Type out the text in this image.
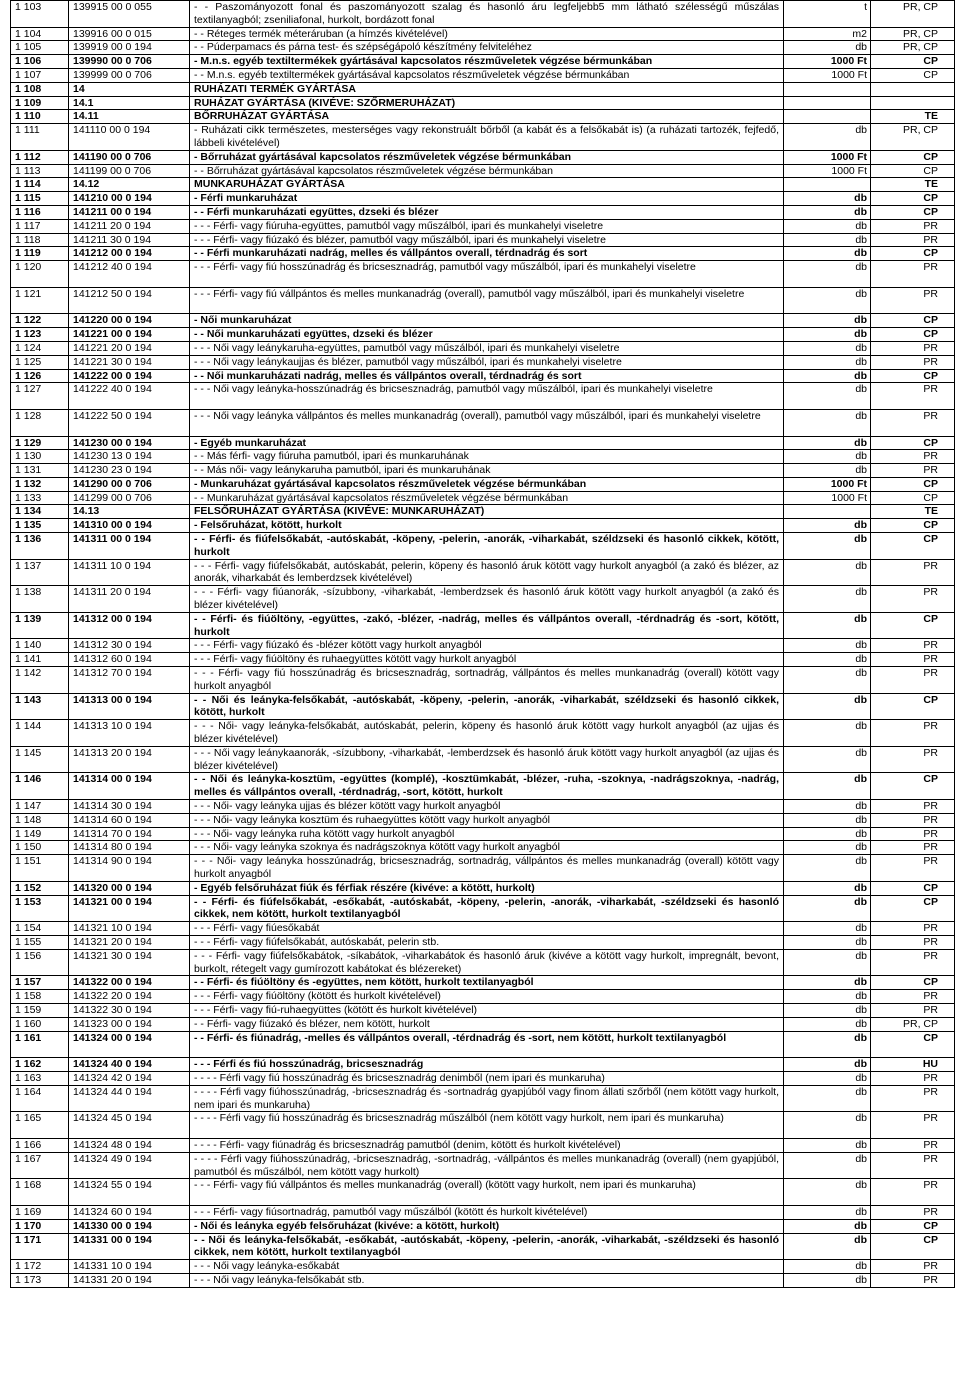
1 103	139915 00 0 055	- - Paszományozott fonal és paszományozott szalag és hasonló áru legfeljebb5 mm látható szélességű műszálas textilanyagból; zseniliafonal, hurkolt, bordázott fonal	t	PR, CP
1 104	139916 00 0 015	- - Réteges termék méteráruban (a hímzés kivételével)	m2	PR, CP
1 105	139919 00 0 194	- - Púderpamacs és párna test- és szépségápoló készítmény felviteléhez	db	PR, CP
1 106	139990 00 0 706	- M.n.s. egyéb textiltermékek gyártásával kapcsolatos részműveletek végzése bérmunkában	1000 Ft	CP
1 107	139999 00 0 706	- - M.n.s. egyéb textiltermékek gyártásával kapcsolatos részműveletek végzése bérmunkában	1000 Ft	CP
1 108	14	RUHÁZATI TERMÉK GYÁRTÁSA		
1 109	14.1	RUHÁZAT GYÁRTÁSA (KIVÉVE: SZŐRMERUHÁZAT)		
1 110	14.11	BŐRRUHÁZAT GYÁRTÁSA		TE
1 111	141110 00 0 194	- Ruházati cikk természetes, mesterséges vagy rekonstruált bőrből (a kabát és a felsőkabát is) (a ruházati tartozék, fejfedő, lábbeli kivételével)	db	PR, CP
1 112	141190 00 0 706	- Bőrruházat gyártásával kapcsolatos részműveletek végzése bérmunkában	1000 Ft	CP
1 113	141199 00 0 706	- - Bőrruházat gyártásával kapcsolatos részműveletek végzése bérmunkában	1000 Ft	CP
1 114	14.12	MUNKARUHÁZAT GYÁRTÁSA		TE
1 115	141210 00 0 194	- Férfi munkaruházat	db	CP
1 116	141211 00 0 194	- - Férfi munkaruházati együttes, dzseki és blézer	db	CP
1 117	141211 20 0 194	- - - Férfi- vagy fiúruha-együttes, pamutból vagy műszálból, ipari és munkahelyi viseletre	db	PR
1 118	141211 30 0 194	- - - Férfi- vagy fiúzakó és blézer, pamutból vagy műszálból, ipari és munkahelyi viseletre	db	PR
1 119	141212 00 0 194	- - Férfi munkaruházati nadrág, melles és vállpántos overall, térdnadrág és sort	db	CP
1 120	141212 40 0 194	- - - Férfi- vagy fiú hosszúnadrág és bricsesznadrág, pamutból vagy műszálból, ipari és munkahelyi viseletre	db	PR
1 121	141212 50 0 194	- - - Férfi- vagy fiú vállpántos és melles munkanadrág (overall), pamutból vagy műszálból, ipari és munkahelyi viseletre	db	PR
1 122	141220 00 0 194	- Női munkaruházat	db	CP
1 123	141221 00 0 194	- - Női munkaruházati együttes, dzseki és blézer	db	CP
1 124	141221 20 0 194	- - - Női vagy leánykaruha-együttes, pamutból vagy műszálból, ipari és munkahelyi viseletre	db	PR
1 125	141221 30 0 194	- - - Női vagy leánykaujjas és blézer, pamutból vagy műszálból, ipari és munkahelyi viseletre	db	PR
1 126	141222 00 0 194	- - Női munkaruházati nadrág, melles és vállpántos overall, térdnadrág és sort	db	CP
1 127	141222 40 0 194	- - - Női vagy leányka-hosszúnadrág és bricsesznadrág, pamutból vagy műszálból, ipari és munkahelyi viseletre	db	PR
1 128	141222 50 0 194	- - - Női vagy leányka vállpántos és melles munkanadrág (overall), pamutból vagy műszálból, ipari és munkahelyi viseletre	db	PR
1 129	141230 00 0 194	- Egyéb munkaruházat	db	CP
1 130	141230 13 0 194	- - Más férfi- vagy fiúruha pamutból, ipari és munkaruhának	db	PR
1 131	141230 23 0 194	- - Más női- vagy leánykaruha pamutból, ipari és munkaruhának	db	PR
1 132	141290 00 0 706	- Munkaruházat gyártásával kapcsolatos részműveletek végzése bérmunkában	1000 Ft	CP
1 133	141299 00 0 706	- - Munkaruházat gyártásával kapcsolatos részműveletek végzése bérmunkában	1000 Ft	CP
1 134	14.13	FELSŐRUHÁZAT GYÁRTÁSA (KIVÉVE: MUNKARUHÁZAT)		TE
1 135	141310 00 0 194	- Felsőruházat, kötött, hurkolt	db	CP
1 136	141311 00 0 194	- - Férfi- és fiúfelsőkabát, -autóskabát, -köpeny, -pelerin, -anorák, -viharkabát, széldzseki és hasonló cikkek, kötött, hurkolt	db	CP
1 137	141311 10 0 194	- - - Férfi- vagy fiúfelsőkabát, autóskabát, pelerin, köpeny és hasonló áruk kötött vagy hurkolt anyagból (a zakó és blézer, az anorák, viharkabát és lemberdzsek kivételével)	db	PR
1 138	141311 20 0 194	- - - Férfi- vagy fiúanorák, -sízubbony, -viharkabát, -lemberdzsek és hasonló áruk kötött vagy hurkolt anyagból (a zakó és blézer kivételével)	db	PR
1 139	141312 00 0 194	- - Férfi- és fiúöltöny, -együttes, -zakó, -blézer, -nadrág, melles és vállpántos overall, -térdnadrág és -sort, kötött, hurkolt	db	CP
1 140	141312 30 0 194	- - - Férfi- vagy fiúzakó és -blézer kötött vagy hurkolt anyagból	db	PR
1 141	141312 60 0 194	- - - Férfi- vagy fiúöltöny és ruhaegyüttes kötött vagy hurkolt anyagból	db	PR
1 142	141312 70 0 194	- - - Férfi- vagy fiú hosszúnadrág és bricsesznadrág, sortnadrág, vállpántos és melles munkanadrág (overall) kötött vagy hurkolt anyagból	db	PR
1 143	141313 00 0 194	- - Női és leányka-felsőkabát, -autóskabát, -köpeny, -pelerin, -anorák, -viharkabát, széldzseki és hasonló cikkek, kötött, hurkolt	db	CP
1 144	141313 10 0 194	- - - Női- vagy leányka-felsőkabát, autóskabát, pelerin, köpeny és hasonló áruk kötött vagy hurkolt anyagból (az ujjas és blézer kivételével)	db	PR
1 145	141313 20 0 194	- - - Női vagy leánykaanorák, -sízubbony, -viharkabát, -lemberdzsek és hasonló áruk kötött vagy hurkolt anyagból (az ujjas és blézer kivételével)	db	PR
1 146	141314 00 0 194	- - Női és leányka-kosztüm, -együttes (komplé), -kosztümkabát, -blézer, -ruha, -szoknya, -nadrágszoknya, -nadrág, melles és vállpántos overall, -térdnadrág, -sort, kötött, hurkolt	db	CP
1 147	141314 30 0 194	- - - Női- vagy leányka ujjas és blézer kötött vagy hurkolt anyagból	db	PR
1 148	141314 60 0 194	- - - Női- vagy leányka kosztüm és ruhaegyüttes kötött vagy hurkolt anyagból	db	PR
1 149	141314 70 0 194	- - - Női- vagy leányka ruha kötött vagy hurkolt anyagból	db	PR
1 150	141314 80 0 194	- - - Női- vagy leányka szoknya és nadrágszoknya kötött vagy hurkolt anyagból	db	PR
1 151	141314 90 0 194	- - - Női- vagy leányka hosszúnadrág, bricsesznadrág, sortnadrág, vállpántos és melles munkanadrág (overall) kötött vagy hurkolt anyagból	db	PR
1 152	141320 00 0 194	- Egyéb felsőruházat fiúk és férfiak részére (kivéve: a kötött, hurkolt)	db	CP
1 153	141321 00 0 194	- - Férfi- és fiúfelsőkabát, -esőkabát, -autóskabát, -köpeny, -pelerin, -anorák, -viharkabát, -széldzseki és hasonló cikkek, nem kötött, hurkolt textilanyagból	db	CP
1 154	141321 10 0 194	- - - Férfi- vagy fiúesőkabát	db	PR
1 155	141321 20 0 194	- - - Férfi- vagy fiúfelsőkabát, autóskabát, pelerin stb.	db	PR
1 156	141321 30 0 194	- - - Férfi- vagy fiúfelsőkabátok, -síkabátok, -viharkabátok és hasonló áruk (kivéve a kötött vagy hurkolt, impregnált, bevont, burkolt, rétegelt vagy gumírozott kabátokat és blézereket)	db	PR
1 157	141322 00 0 194	- - Férfi- és fiúöltöny és -együttes, nem kötött, hurkolt textilanyagból	db	CP
1 158	141322 20 0 194	- - - Férfi- vagy fiúöltöny (kötött és hurkolt kivételével)	db	PR
1 159	141322 30 0 194	- - - Férfi- vagy fiú-ruhaegyüttes (kötött és hurkolt kivételével)	db	PR
1 160	141323 00 0 194	- - Férfi- vagy fiúzakó és blézer, nem kötött, hurkolt	db	PR, CP
1 161	141324 00 0 194	- - Férfi- és fiúnadrág, -melles és vállpántos overall, -térdnadrág és -sort, nem kötött, hurkolt textilanyagból	db	CP
1 162	141324 40 0 194	- - - Férfi és fiú hosszúnadrág, bricsesznadrág	db	HU
1 163	141324 42 0 194	- - - - Férfi vagy fiú hosszúnadrág és bricsesznadrág denimből (nem ipari és munkaruha)	db	PR
1 164	141324 44 0 194	- - - - Férfi vagy fiúhosszúnadrág, -bricsesznadrág és -sortnadrág gyapjúból vagy finom állati szőrből (nem kötött vagy hurkolt, nem ipari és munkaruha)	db	PR
1 165	141324 45 0 194	- - - - Férfi vagy fiú hosszúnadrág és bricsesznadrág műszálból (nem kötött vagy hurkolt, nem ipari és munkaruha)	db	PR
1 166	141324 48 0 194	- - - - Férfi- vagy fiúnadrág és bricsesznadrág pamutból (denim, kötött és hurkolt kivételével)	db	PR
1 167	141324 49 0 194	- - - - Férfi vagy fiúhosszúnadrág, -bricsesznadrág, -sortnadrág, -vállpántos és melles munkanadrág (overall) (nem gyapjúból, pamutból és műszálból, nem kötött vagy hurkolt)	db	PR
1 168	141324 55 0 194	- - - Férfi- vagy fiú vállpántos és melles munkanadrág (overall) (kötött vagy hurkolt, nem ipari és munkaruha)	db	PR
1 169	141324 60 0 194	- - - Férfi- vagy fiúsortnadrág, pamutból vagy műszálból (kötött és hurkolt kivételével)	db	PR
1 170	141330 00 0 194	- Női és leányka egyéb felsőruházat (kivéve: a kötött, hurkolt)	db	CP
1 171	141331 00 0 194	- - Női és leányka-felsőkabát, -esőkabát, -autóskabát, -köpeny, -pelerin, -anorák, -viharkabát, -széldzseki és hasonló cikkek, nem kötött, hurkolt textilanyagból	db	CP
1 172	141331 10 0 194	- - - Női vagy leányka-esőkabát	db	PR
1 173	141331 20 0 194	- - - Női vagy leányka-felsőkabát stb.	db	PR
